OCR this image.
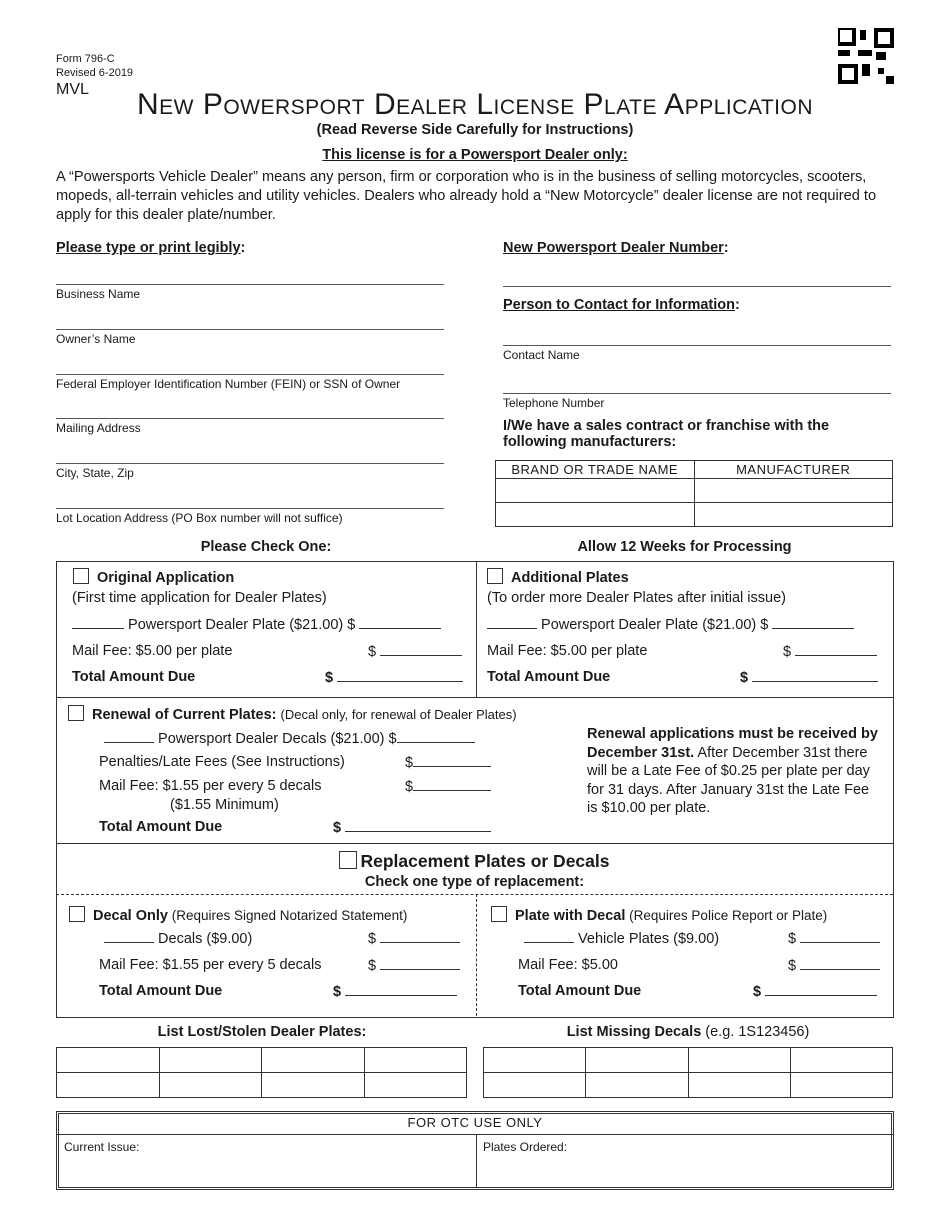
Form 796-C
Revised 6-2019
MVL	New Powersport Dealer License Plate Application
(Read Reverse Side Carefully for Instructions)
This license is for a Powersport Dealer only:
A “Powersports Vehicle Dealer” means any person, firm or corporation who is in the business of selling motorcycles, scooters, mopeds, all-terrain vehicles and utility vehicles. Dealers who already hold a “New Motorcycle” dealer license are not required to apply for this dealer plate/number.
Please type or print legibly:
Business Name
Owner’s Name
Federal Employer Identification Number (FEIN) or SSN of Owner
Mailing Address
City, State, Zip
Lot Location Address (PO Box number will not suffice)
New Powersport Dealer Number:
Person to Contact for Information:
Contact Name
Telephone Number
I/We have a sales contract or franchise with the following manufacturers:
BRAND OR TRADE NAME	MANUFACTURER

Please Check One:	Allow 12 Weeks for Processing
Original Application
(First time application for Dealer Plates)
Powersport Dealer Plate ($21.00) $
Mail Fee: $5.00 per plate	$
Total Amount Due	$
Additional Plates
(To order more Dealer Plates after initial issue)
Powersport Dealer Plate ($21.00) $
Mail Fee: $5.00 per plate	$
Total Amount Due	$
Renewal of Current Plates: (Decal only, for renewal of Dealer Plates)
Powersport Dealer Decals ($21.00) $
Penalties/Late Fees (See Instructions)	$
Mail Fee: $1.55 per every 5 decals	$
($1.55 Minimum)
Total Amount Due	$
Renewal applications must be received by December 31st. After December 31st there will be a Late Fee of $0.25 per plate per day for 31 days. After January 31st the Late Fee is $10.00 per plate.
Replacement Plates or Decals
Check one type of replacement:
Decal Only (Requires Signed Notarized Statement)
Decals ($9.00)	$
Mail Fee: $1.55 per every 5 decals	$
Total Amount Due	$
Plate with Decal (Requires Police Report or Plate)
Vehicle Plates ($9.00)	$
Mail Fee: $5.00	$
Total Amount Due	$
List Lost/Stolen Dealer Plates:	List Missing Decals (e.g. 1S123456)

FOR OTC USE ONLY
Current Issue:	Plates Ordered:
